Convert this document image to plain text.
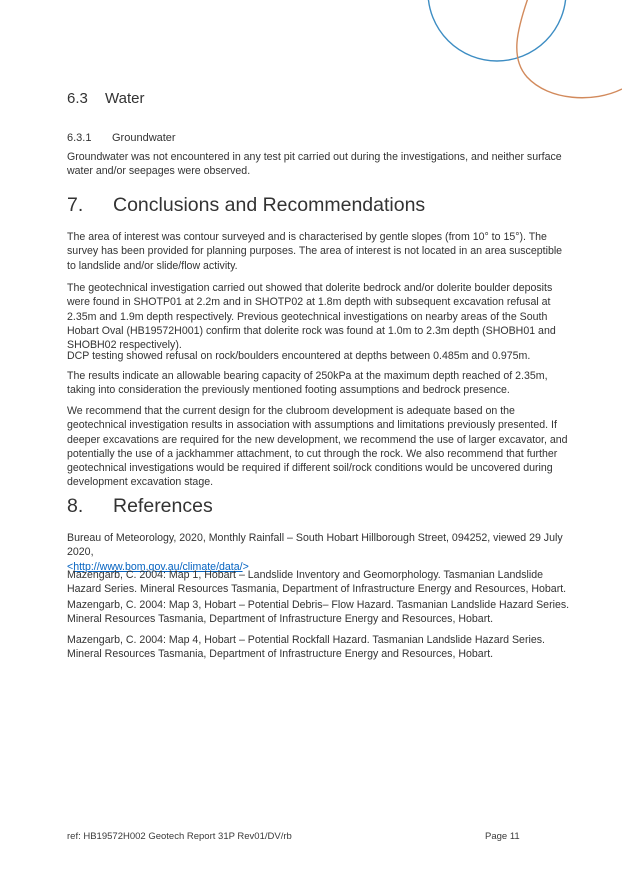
6.3 Water
6.3.1 Groundwater

Groundwater was not encountered in any test pit carried out during the investigations, and neither surface water and/or seepages were observed.

7. Conclusions and Recommendations

The area of interest was contour surveyed and is characterised by gentle slopes (from 10° to 15°). The survey has been provided for planning purposes. The area of interest is not located in an area susceptible to landslide and/or slide/flow activity.

The geotechnical investigation carried out showed that dolerite bedrock and/or dolerite boulder deposits were found in SHOTP01 at 2.2m and in SHOTP02 at 1.8m depth with subsequent excavation refusal at 2.35m and 1.9m depth respectively. Previous geotechnical investigations on nearby areas of the South Hobart Oval (HB19572H001) confirm that dolerite rock was found at 1.0m to 2.3m depth (SHOBH01 and SHOBH02 respectively).

DCP testing showed refusal on rock/boulders encountered at depths between 0.485m and 0.975m.

The results indicate an allowable bearing capacity of 250kPa at the maximum depth reached of 2.35m, taking into consideration the previously mentioned footing assumptions and bedrock presence.

We recommend that the current design for the clubroom development is adequate based on the geotechnical investigation results in association with assumptions and limitations previously presented. If deeper excavations are required for the new development, we recommend the use of larger excavator, and potentially the use of a jackhammer attachment, to cut through the rock. We also recommend that further geotechnical investigations would be required if different soil/rock conditions would be uncovered during development excavation stage.

8. References

Bureau of Meteorology, 2020, Monthly Rainfall – South Hobart Hillborough Street, 094252, viewed 29 July 2020,
<http://www.bom.gov.au/climate/data/>

Mazengarb, C. 2004: Map 1, Hobart – Landslide Inventory and Geomorphology. Tasmanian Landslide Hazard Series. Mineral Resources Tasmania, Department of Infrastructure Energy and Resources, Hobart.

Mazengarb, C. 2004: Map 3, Hobart – Potential Debris– Flow Hazard. Tasmanian Landslide Hazard Series. Mineral Resources Tasmania, Department of Infrastructure Energy and Resources, Hobart.

Mazengarb, C. 2004: Map 4, Hobart – Potential Rockfall Hazard. Tasmanian Landslide Hazard Series. Mineral Resources Tasmania, Department of Infrastructure Energy and Resources, Hobart.

ref: HB19572H002 Geotech Report 31P Rev01/DV/rb	Page 11
